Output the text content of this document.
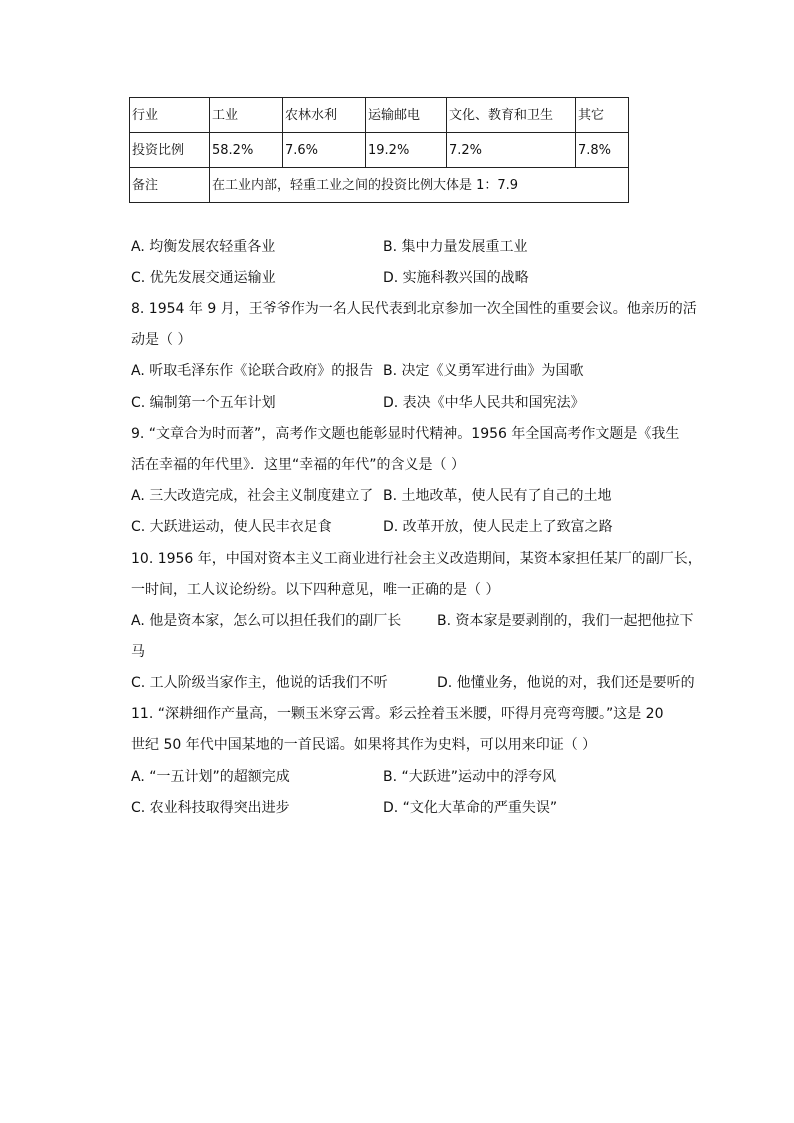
行业	工业	农林水利	运输邮电	文化、教育和卫生	其它
投资比例	58.2%	7.6%	19.2%	7.2%	7.8%
备注	在工业内部，轻重工业之间的投资比例大体是 1：7.9				
A. 均衡发展农轻重各业	B. 集中力量发展重工业
C. 优先发展交通运输业	D. 实施科教兴国的战略
8. 1954 年 9 月，王爷爷作为一名人民代表到北京参加一次全国性的重要会议。他亲历的活
动是（ ）
A. 听取毛泽东作《论联合政府》的报告 B. 决定《义勇军进行曲》为国歌
C. 编制第一个五年计划	D. 表决《中华人民共和国宪法》
9. “文章合为时而著”，高考作文题也能彰显时代精神。1956 年全国高考作文题是《我生
活在幸福的年代里》．这里“幸福的年代”的含义是（ ）
A. 三大改造完成，社会主义制度建立了 B. 土地改革，使人民有了自己的土地
C. 大跃进运动，使人民丰衣足食	D. 改革开放，使人民走上了致富之路
10. 1956 年，中国对资本主义工商业进行社会主义改造期间，某资本家担任某厂的副厂长，
一时间，工人议论纷纷。以下四种意见，唯一正确的是（ ）
A. 他是资本家，怎么可以担任我们的副厂长	B. 资本家是要剥削的，我们一起把他拉下
马
C. 工人阶级当家作主，他说的话我们不听	D. 他懂业务，他说的对，我们还是要听的
11. “深耕细作产量高，一颗玉米穿云霄。彩云拴着玉米腰，吓得月亮弯弯腰。”这是 20
世纪 50 年代中国某地的一首民谣。如果将其作为史料，可以用来印证（ ）
A. “一五计划”的超额完成	B. “大跃进”运动中的浮夸风
C. 农业科技取得突出进步	D. “文化大革命的严重失误”
